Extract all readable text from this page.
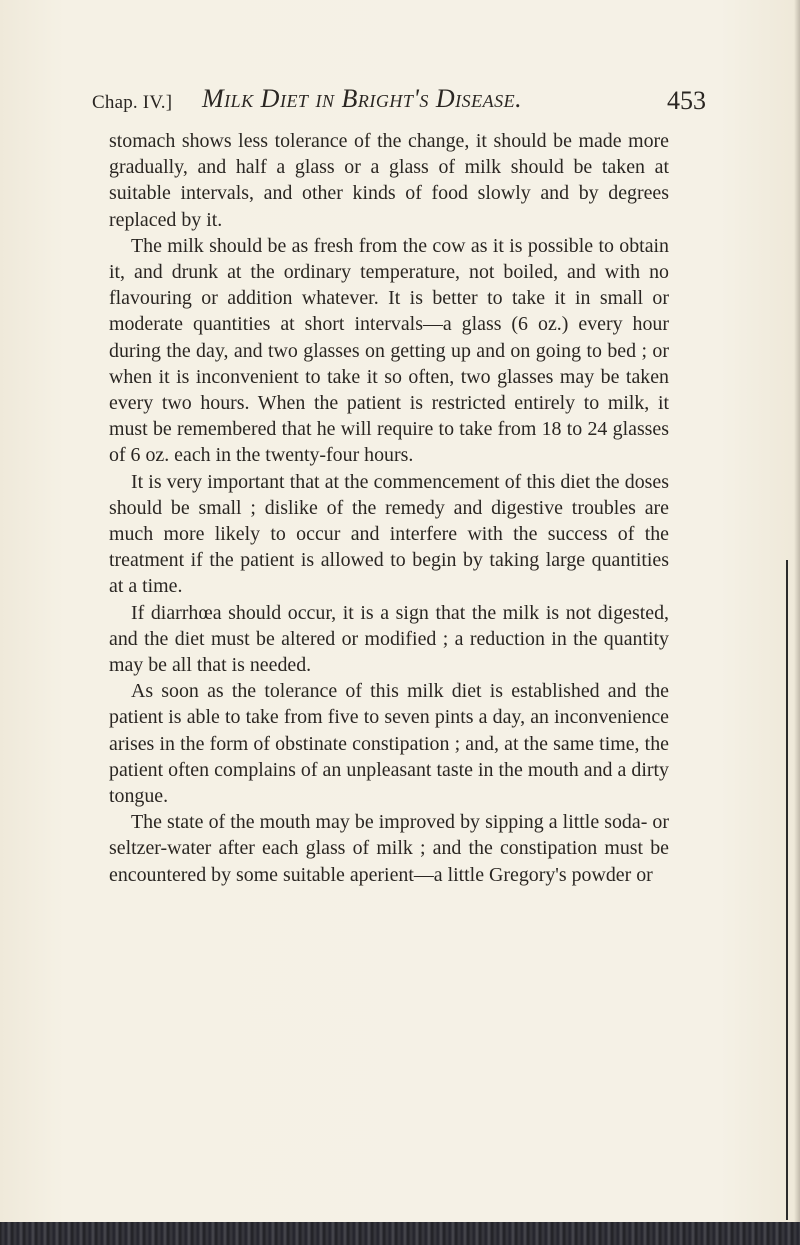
Chap. IV.] Milk Diet in Bright's Disease.	453

stomach shows less tolerance of the change, it should be made more gradually, and half a glass or a glass of milk should be taken at suitable intervals, and other kinds of food slowly and by degrees replaced by it.

The milk should be as fresh from the cow as it is possible to obtain it, and drunk at the ordinary temperature, not boiled, and with no flavouring or addition whatever. It is better to take it in small or moderate quantities at short intervals—a glass (6 oz.) every hour during the day, and two glasses on getting up and on going to bed ; or when it is inconvenient to take it so often, two glasses may be taken every two hours. When the patient is restricted entirely to milk, it must be remembered that he will require to take from 18 to 24 glasses of 6 oz. each in the twenty-four hours.

It is very important that at the commencement of this diet the doses should be small ; dislike of the remedy and digestive troubles are much more likely to occur and interfere with the success of the treatment if the patient is allowed to begin by taking large quantities at a time.

If diarrhœa should occur, it is a sign that the milk is not digested, and the diet must be altered or modified ; a reduction in the quantity may be all that is needed.

As soon as the tolerance of this milk diet is established and the patient is able to take from five to seven pints a day, an inconvenience arises in the form of obstinate constipation ; and, at the same time, the patient often complains of an unpleasant taste in the mouth and a dirty tongue.

The state of the mouth may be improved by sipping a little soda- or seltzer-water after each glass of milk ; and the constipation must be encountered by some suitable aperient—a little Gregory's powder or
